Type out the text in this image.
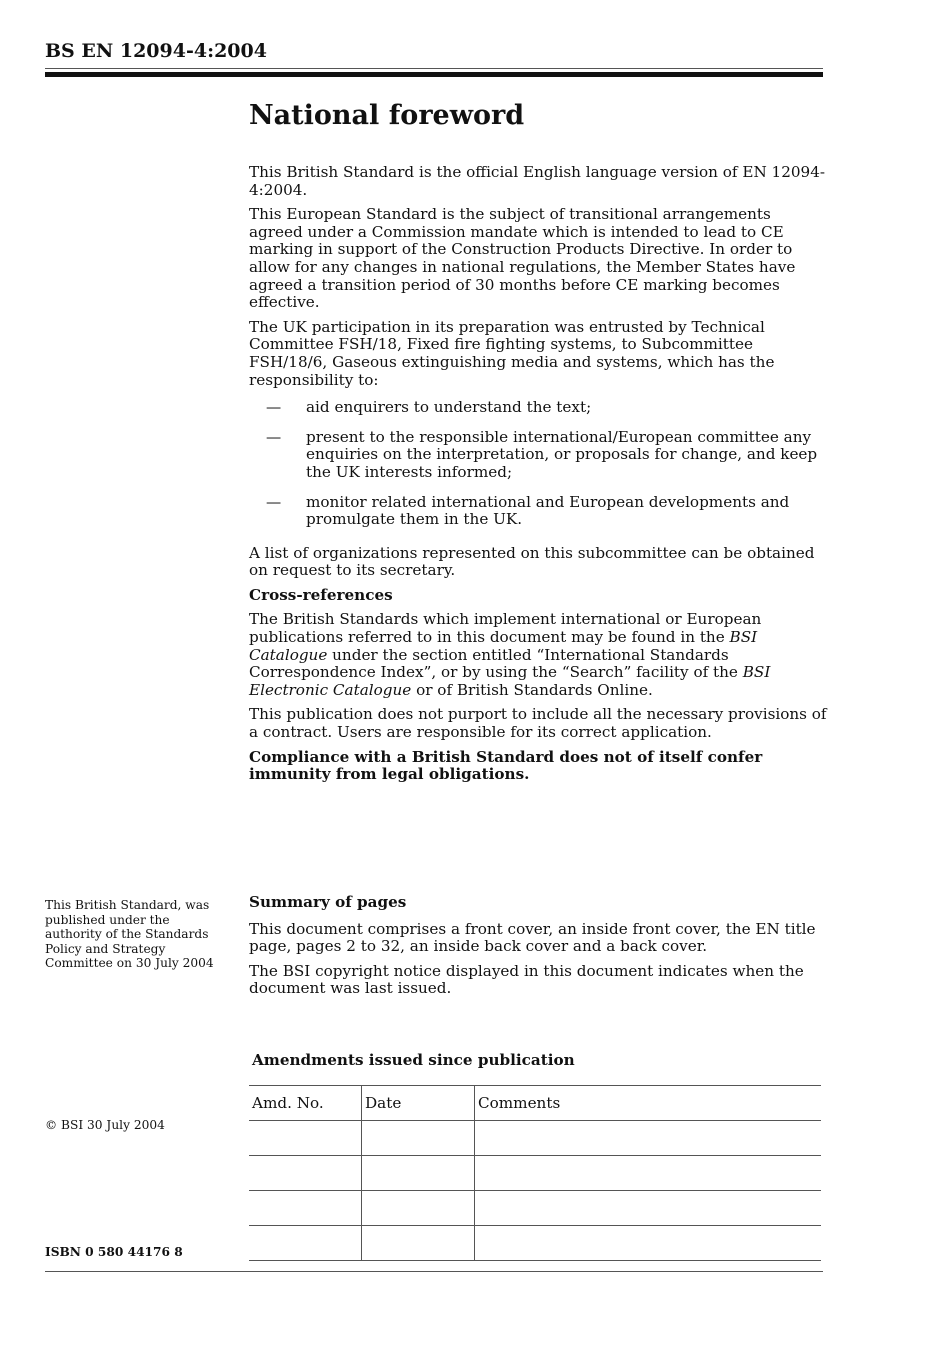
BS EN 12094-4:2004
National foreword

This British Standard is the official English language version of EN 12094-4:2004.

This European Standard is the subject of transitional arrangements agreed under a Commission mandate which is intended to lead to CE marking in support of the Construction Products Directive. In order to allow for any changes in national regulations, the Member States have agreed a transition period of 30 months before CE marking becomes effective.

The UK participation in its preparation was entrusted by Technical Committee FSH/18, Fixed fire fighting systems, to Subcommittee FSH/18/6, Gaseous extinguishing media and systems, which has the responsibility to:

— aid enquirers to understand the text;
— present to the responsible international/European committee any enquiries on the interpretation, or proposals for change, and keep the UK interests informed;
— monitor related international and European developments and promulgate them in the UK.

A list of organizations represented on this subcommittee can be obtained on request to its secretary.

Cross-references

The British Standards which implement international or European publications referred to in this document may be found in the BSI Catalogue under the section entitled “International Standards Correspondence Index”, or by using the “Search” facility of the BSI Electronic Catalogue or of British Standards Online.

This publication does not purport to include all the necessary provisions of a contract. Users are responsible for its correct application.

Compliance with a British Standard does not of itself confer immunity from legal obligations.

This British Standard, was published under the authority of the Standards Policy and Strategy Committee on 30 July 2004

Summary of pages

This document comprises a front cover, an inside front cover, the EN title page, pages 2 to 32, an inside back cover and a back cover.

The BSI copyright notice displayed in this document indicates when the document was last issued.

Amendments issued since publication
Amd. No.	Date	Comments

© BSI 30 July 2004

ISBN 0 580 44176 8
